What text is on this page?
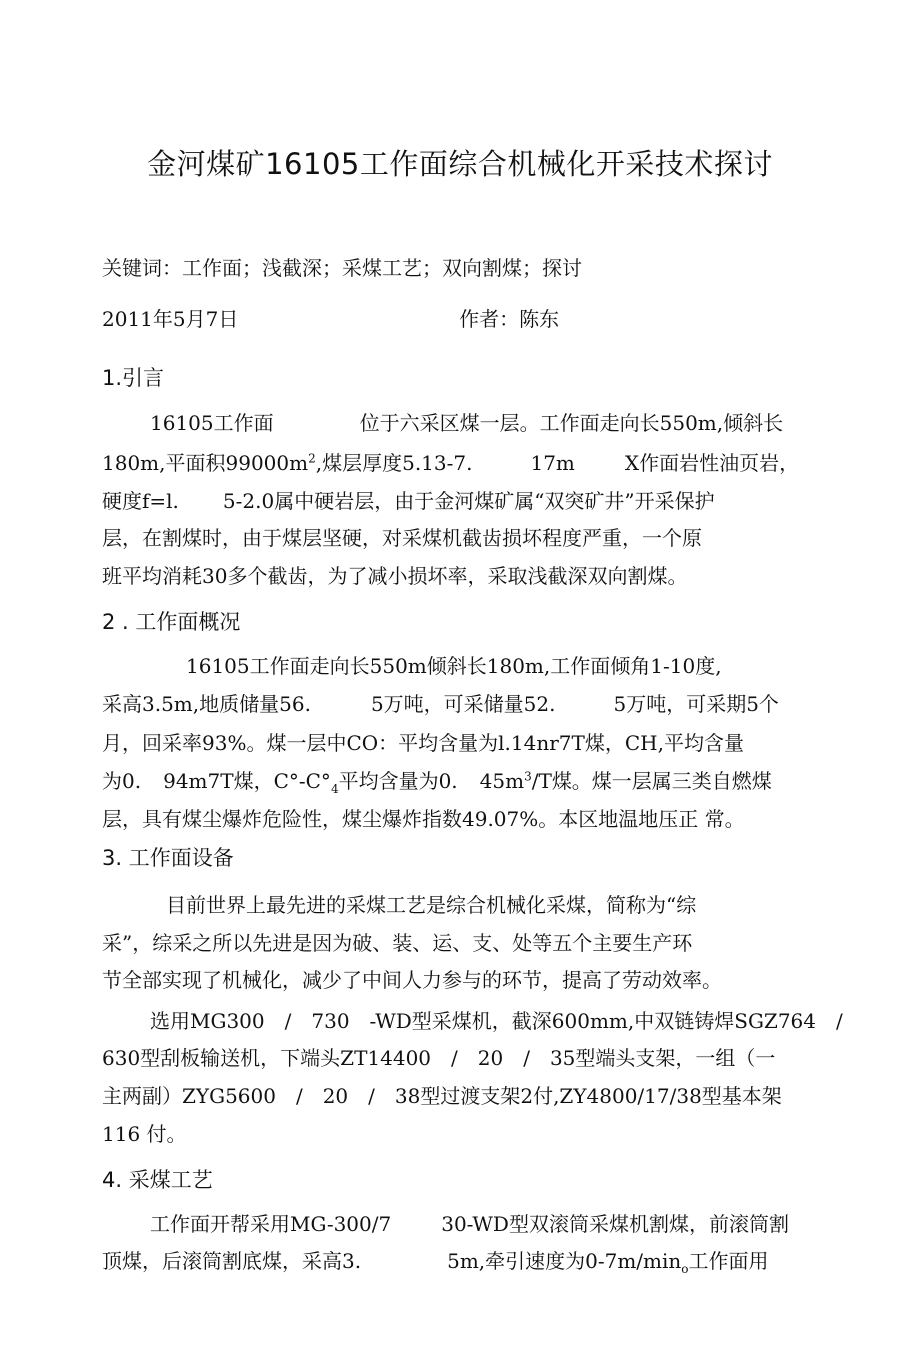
金河煤矿16105工作面综合机械化开采技术探讨
关键词：工作面；浅截深；采煤工艺；双向割煤；探讨
2011年5月7日	作者：陈东
1.引言
16105工作面	位于六采区煤一层。工作面走向长550m,倾斜长
180m,平面积$99000m^2$,煤层厚度5.13-7.	17m	X作面岩性油页岩，
硬度f=l. 5-2.0属中硬岩层，由于金河煤矿属“双突矿井”开采保护
层，在割煤时，由于煤层坚硬，对采煤机截齿损坏程度严重，一个原
班平均消耗30多个截齿，为了减小损坏率，采取浅截深双向割煤。
2 . 工作面概况
16105工作面走向长550m倾斜长180m,工作面倾角1-10度,
采高3.5m,地质储量56.	5万吨，可采储量52.	5万吨，可采期5个
月，回采率93%。煤一层中CO：平均含量为l.14nr7T煤，CH,平均含量
为0. 94m7T煤，$C^\circ-C^\circ_4$平均含量为0. $45m^3/T$煤。煤一层属三类自燃煤
层，具有煤尘爆炸危险性，煤尘爆炸指数49.07%。本区地温地压正 常。
3. 工作面设备
目前世界上最先进的采煤工艺是综合机械化采煤，简称为“综
采”，综采之所以先进是因为破、装、运、支、处等五个主要生产环
节全部实现了机械化，减少了中间人力参与的环节，提高了劳动效率。
选用MG300　/　730　-WD型采煤机，截深600mm,中双链铸焊SGZ764　/
630型刮板输送机，下端头ZT14400　/　20　/　35型端头支架，一组（一
主两副）ZYG5600　/　20　/　38型过渡支架2付,ZY4800/17/38型基本架
116 付。
4. 采煤工艺
工作面开帮采用MG-300/7	30-WD型双滚筒采煤机割煤，前滚筒割
顶煤，后滚筒割底煤，采高3.	5m,牵引速度为$0-7m/\min_o$工作面用
